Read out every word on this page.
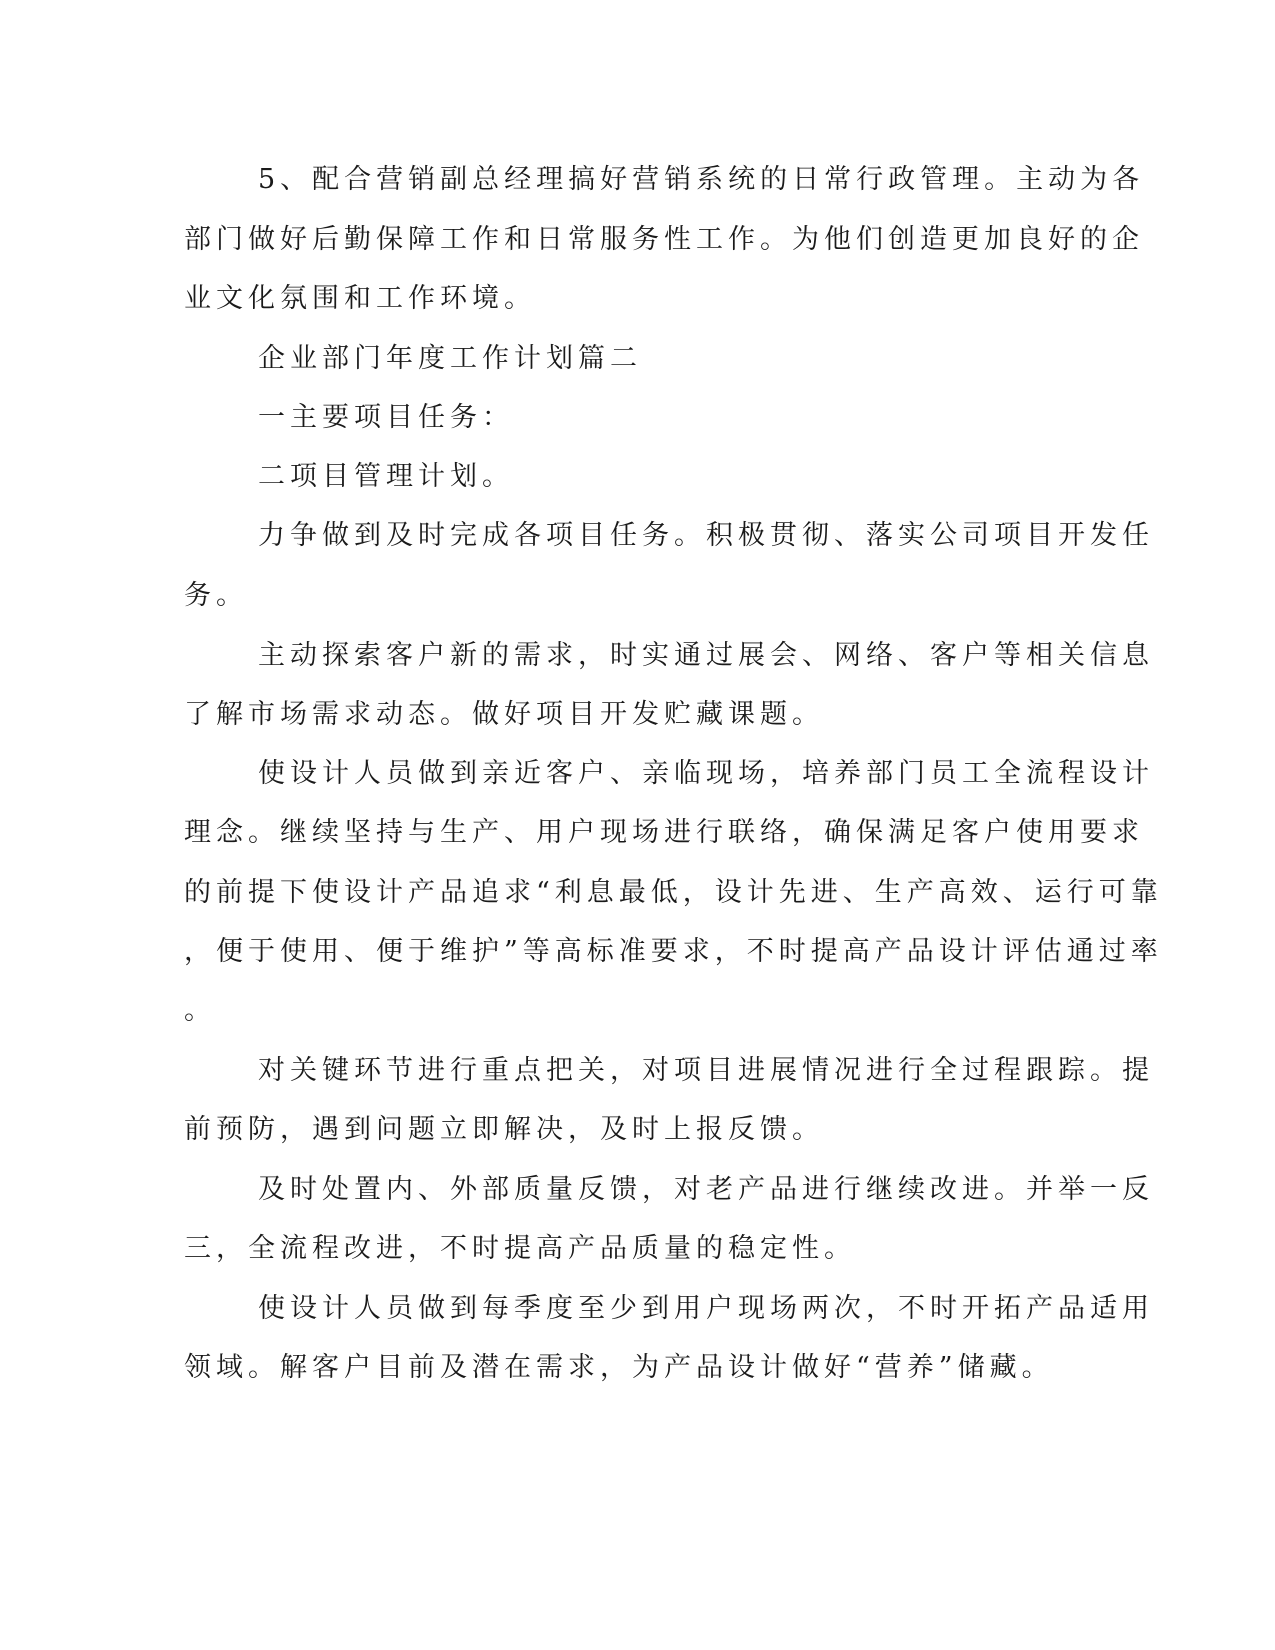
5、配合营销副总经理搞好营销系统的日常行政管理。主动为各

部门做好后勤保障工作和日常服务性工作。为他们创造更加良好的企

业文化氛围和工作环境。

企业部门年度工作计划篇二

一主要项目任务：

二项目管理计划。

力争做到及时完成各项目任务。积极贯彻、落实公司项目开发任

务。

主动探索客户新的需求，时实通过展会、网络、客户等相关信息

了解市场需求动态。做好项目开发贮藏课题。

使设计人员做到亲近客户、亲临现场，培养部门员工全流程设计

理念。继续坚持与生产、用户现场进行联络，确保满足客户使用要求

的前提下使设计产品追求“利息最低，设计先进、生产高效、运行可靠

，便于使用、便于维护”等高标准要求，不时提高产品设计评估通过率

。

对关键环节进行重点把关，对项目进展情况进行全过程跟踪。提

前预防，遇到问题立即解决，及时上报反馈。

及时处置内、外部质量反馈，对老产品进行继续改进。并举一反

三，全流程改进，不时提高产品质量的稳定性。

使设计人员做到每季度至少到用户现场两次，不时开拓产品适用

领域。解客户目前及潜在需求，为产品设计做好“营养”储藏。
